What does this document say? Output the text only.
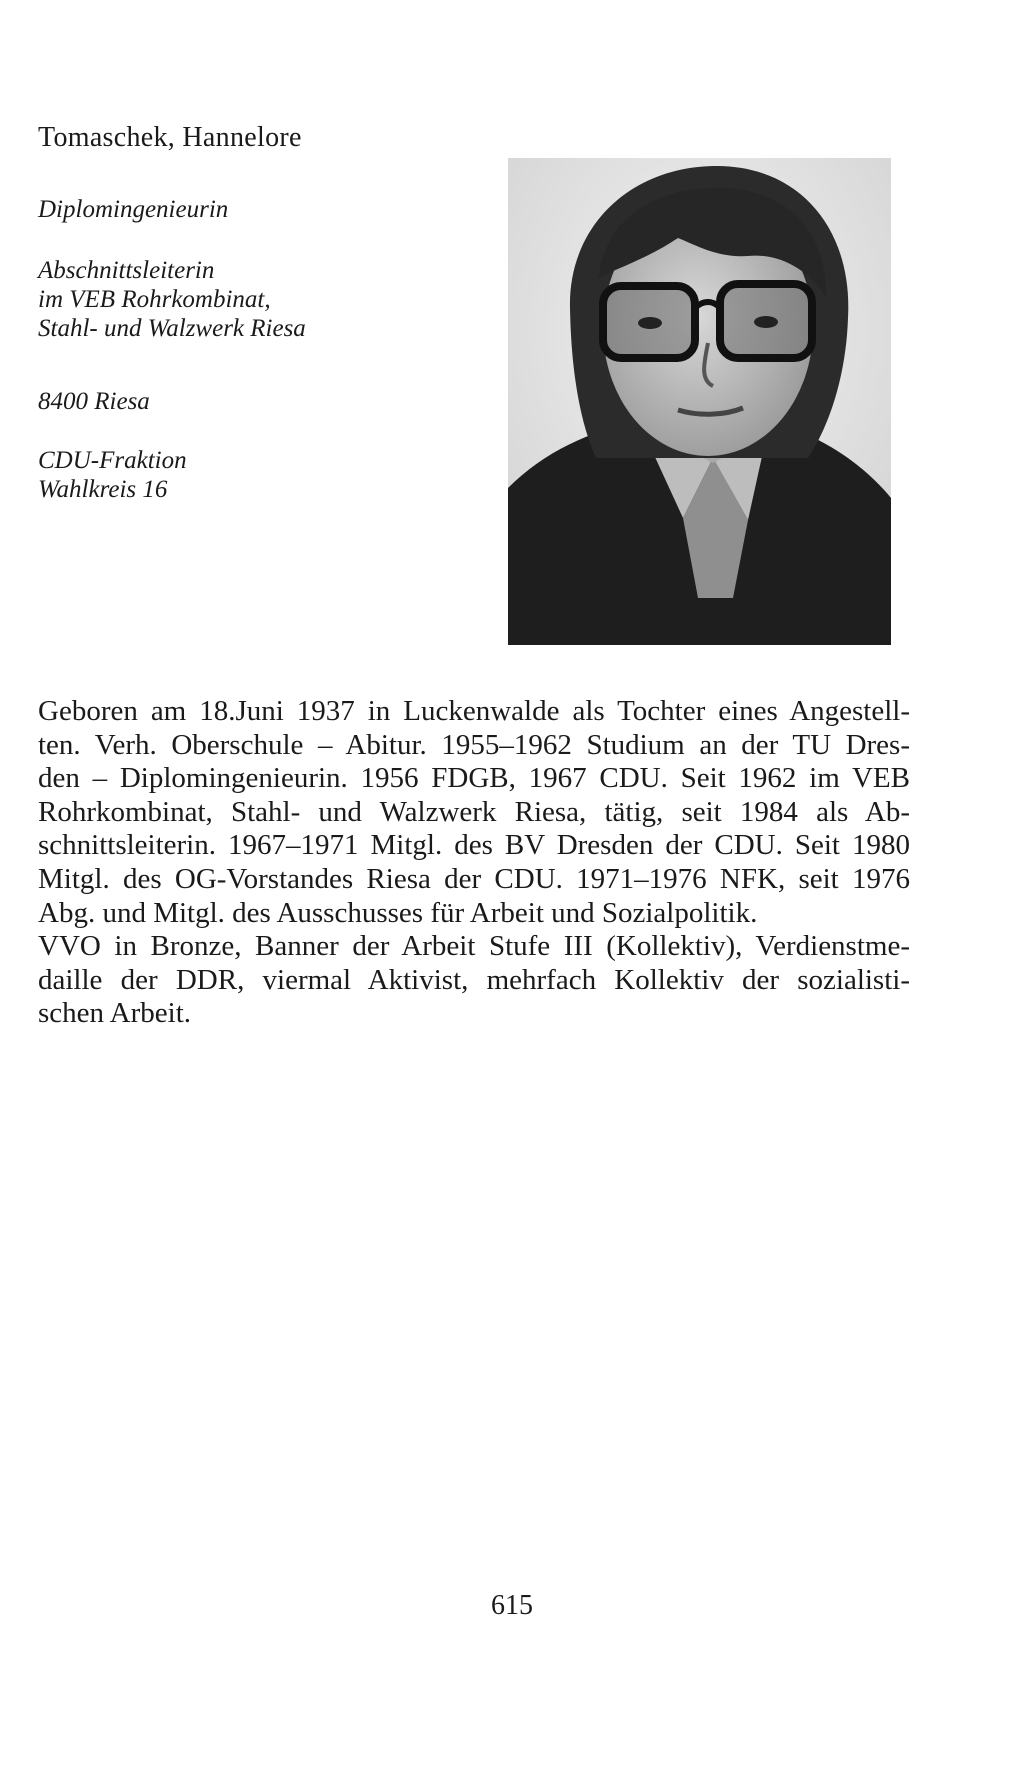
Tomaschek, Hannelore

Diplomingenieurin

Abschnittsleiterin
im VEB Rohrkombinat,
Stahl- und Walzwerk Riesa

8400 Riesa

CDU-Fraktion
Wahlkreis 16

Geboren am 18.Juni 1937 in Luckenwalde als Tochter eines Angestell-
ten. Verh. Oberschule – Abitur. 1955–1962 Studium an der TU Dres-
den – Diplomingenieurin. 1956 FDGB, 1967 CDU. Seit 1962 im VEB
Rohrkombinat, Stahl- und Walzwerk Riesa, tätig, seit 1984 als Ab-
schnittsleiterin. 1967–1971 Mitgl. des BV Dresden der CDU. Seit 1980
Mitgl. des OG-Vorstandes Riesa der CDU. 1971–1976 NFK, seit 1976
Abg. und Mitgl. des Ausschusses für Arbeit und Sozialpolitik.
VVO in Bronze, Banner der Arbeit Stufe III (Kollektiv), Verdienstme-
daille der DDR, viermal Aktivist, mehrfach Kollektiv der sozialisti-
schen Arbeit.
615
